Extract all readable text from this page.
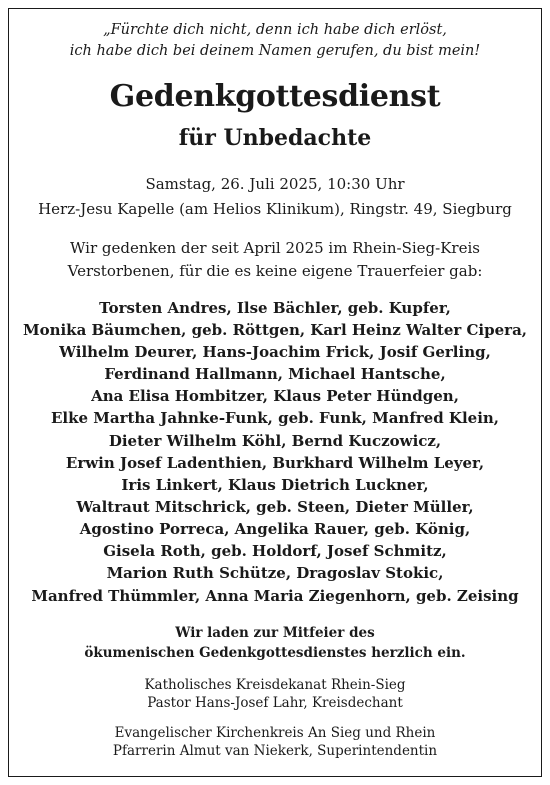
„Fürchte dich nicht, denn ich habe dich erlöst,
ich habe dich bei deinem Namen gerufen, du bist mein!
Gedenkgottesdienst
für Unbedachte
Samstag, 26. Juli 2025, 10:30 Uhr
Herz-Jesu Kapelle (am Helios Klinikum), Ringstr. 49, Siegburg
Wir gedenken der seit April 2025 im Rhein-Sieg-Kreis
Verstorbenen, für die es keine eigene Trauerfeier gab:
Torsten Andres, Ilse Bächler, geb. Kupfer,
Monika Bäumchen, geb. Röttgen, Karl Heinz Walter Cipera,
Wilhelm Deurer, Hans-Joachim Frick, Josif Gerling,
Ferdinand Hallmann, Michael Hantsche,
Ana Elisa Hombitzer, Klaus Peter Hündgen,
Elke Martha Jahnke-Funk, geb. Funk, Manfred Klein,
Dieter Wilhelm Köhl, Bernd Kuczowicz,
Erwin Josef Ladenthien, Burkhard Wilhelm Leyer,
Iris Linkert, Klaus Dietrich Luckner,
Waltraut Mitschrick, geb. Steen, Dieter Müller,
Agostino Porreca, Angelika Rauer, geb. König,
Gisela Roth, geb. Holdorf, Josef Schmitz,
Marion Ruth Schütze, Dragoslav Stokic,
Manfred Thümmler, Anna Maria Ziegenhorn, geb. Zeising
Wir laden zur Mitfeier des
ökumenischen Gedenkgottesdienstes herzlich ein.
Katholisches Kreisdekanat Rhein-Sieg
Pastor Hans-Josef Lahr, Kreisdechant
Evangelischer Kirchenkreis An Sieg und Rhein
Pfarrerin Almut van Niekerk, Superintendentin
